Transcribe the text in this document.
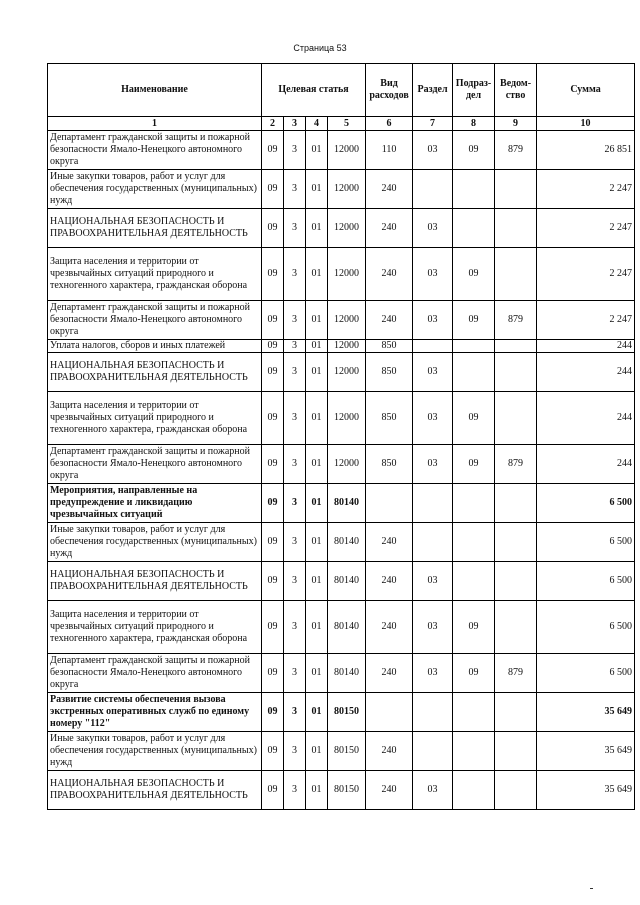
Страница 53
Наименование	Целевая статья				Вид расходов	Раздел	Подраз-дел	Ведом-ство	Сумма
1	2	3	4	5	6	7	8	9	10
Департамент гражданской защиты и пожарной безопасности Ямало-Ненецкого автономного округа	09	3	01	12000	110	03	09	879	26 851
Иные закупки товаров, работ и услуг для обеспечения государственных (муниципальных) нужд	09	3	01	12000	240				2 247
НАЦИОНАЛЬНАЯ БЕЗОПАСНОСТЬ И ПРАВООХРАНИТЕЛЬНАЯ ДЕЯТЕЛЬНОСТЬ	09	3	01	12000	240	03			2 247
Защита населения и территории от чрезвычайных ситуаций природного и техногенного характера, гражданская оборона	09	3	01	12000	240	03	09		2 247
Департамент гражданской защиты и пожарной безопасности Ямало-Ненецкого автономного округа	09	3	01	12000	240	03	09	879	2 247
Уплата налогов, сборов и иных платежей	09	3	01	12000	850				244
НАЦИОНАЛЬНАЯ БЕЗОПАСНОСТЬ И ПРАВООХРАНИТЕЛЬНАЯ ДЕЯТЕЛЬНОСТЬ	09	3	01	12000	850	03			244
Защита населения и территории от чрезвычайных ситуаций природного и техногенного характера, гражданская оборона	09	3	01	12000	850	03	09		244
Департамент гражданской защиты и пожарной безопасности Ямало-Ненецкого автономного округа	09	3	01	12000	850	03	09	879	244
Мероприятия, направленные на предупреждение и ликвидацию чрезвычайных ситуаций	09	3	01	80140					6 500
Иные закупки товаров, работ и услуг для обеспечения государственных (муниципальных) нужд	09	3	01	80140	240				6 500
НАЦИОНАЛЬНАЯ БЕЗОПАСНОСТЬ И ПРАВООХРАНИТЕЛЬНАЯ ДЕЯТЕЛЬНОСТЬ	09	3	01	80140	240	03			6 500
Защита населения и территории от чрезвычайных ситуаций природного и техногенного характера, гражданская оборона	09	3	01	80140	240	03	09		6 500
Департамент гражданской защиты и пожарной безопасности Ямало-Ненецкого автономного округа	09	3	01	80140	240	03	09	879	6 500
Развитие системы обеспечения вызова экстренных оперативных служб по единому номеру "112"	09	3	01	80150					35 649
Иные закупки товаров, работ и услуг для обеспечения государственных (муниципальных) нужд	09	3	01	80150	240				35 649
НАЦИОНАЛЬНАЯ БЕЗОПАСНОСТЬ И ПРАВООХРАНИТЕЛЬНАЯ ДЕЯТЕЛЬНОСТЬ	09	3	01	80150	240	03			35 649
